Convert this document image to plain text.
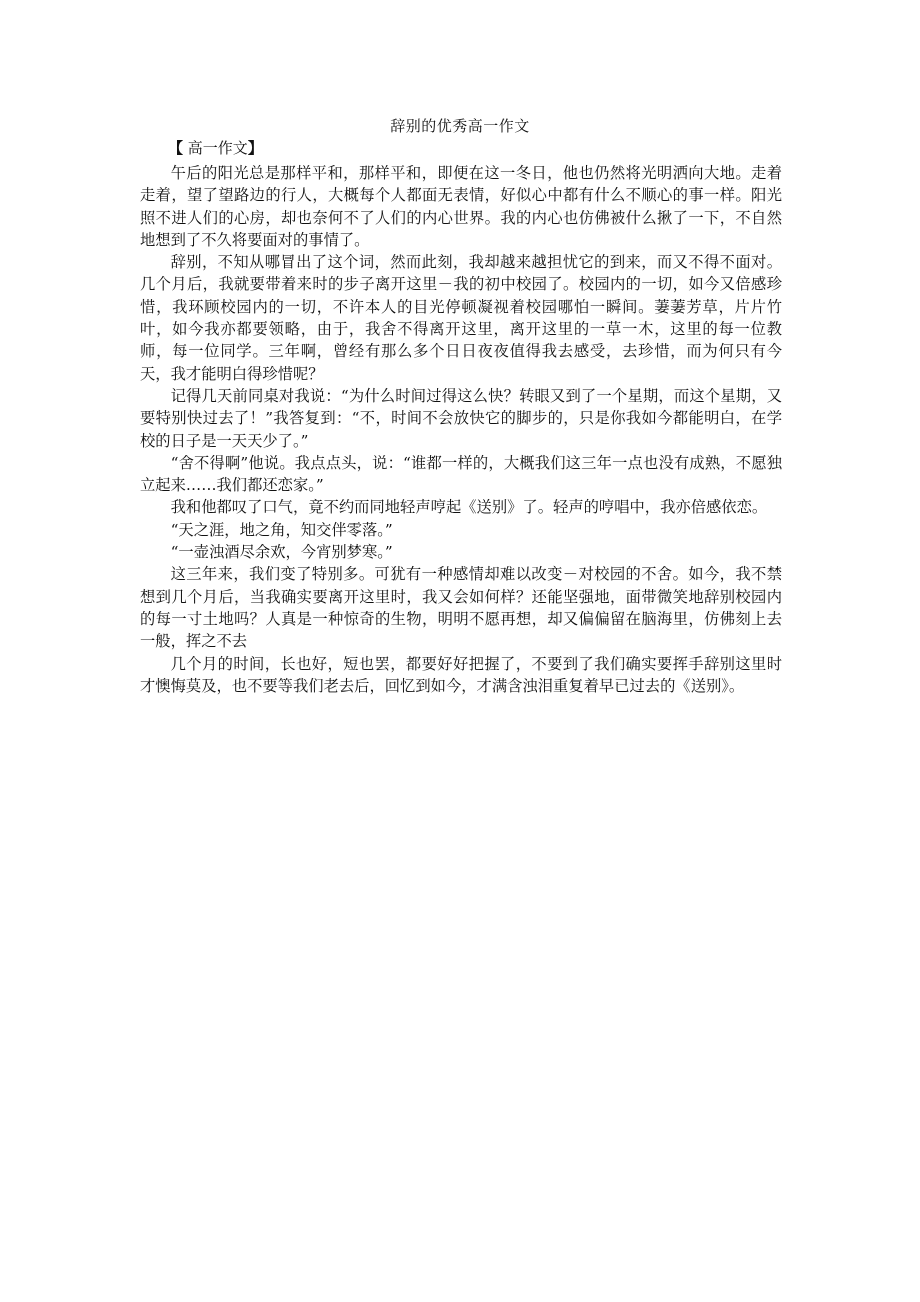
辞别的优秀高一作文
【 高一作文】

午后的阳光总是那样平和，那样平和，即便在这一冬日，他也仍然将光明洒向大地。走着走着，望了望路边的行人，大概每个人都面无表情，好似心中都有什么不顺心的事一样。阳光照不进人们的心房，却也奈何不了人们的内心世界。我的内心也仿佛被什么揪了一下，不自然地想到了不久将要面对的事情了。

辞别，不知从哪冒出了这个词，然而此刻，我却越来越担忧它的到来，而又不得不面对。几个月后，我就要带着来时的步子离开这里－我的初中校园了。校园内的一切，如今又倍感珍惜，我环顾校园内的一切，不许本人的目光停顿凝视着校园哪怕一瞬间。萋萋芳草，片片竹叶，如今我亦都要领略，由于，我舍不得离开这里，离开这里的一草一木，这里的每一位教师，每一位同学。三年啊，曾经有那么多个日日夜夜值得我去感受，去珍惜，而为何只有今天，我才能明白得珍惜呢？

记得几天前同桌对我说：“为什么时间过得这么快？转眼又到了一个星期，而这个星期，又要特别快过去了！”我答复到：“不，时间不会放快它的脚步的，只是你我如今都能明白，在学校的日子是一天天少了。”

“舍不得啊”他说。我点点头，说：“谁都一样的，大概我们这三年一点也没有成熟，不愿独立起来……我们都还恋家。”

我和他都叹了口气，竟不约而同地轻声哼起《送别》了。轻声的哼唱中，我亦倍感依恋。

“天之涯，地之角，知交伴零落。”

“一壶浊酒尽余欢，今宵别梦寒。”

这三年来，我们变了特别多。可犹有一种感情却难以改变－对校园的不舍。如今，我不禁想到几个月后，当我确实要离开这里时，我又会如何样？还能坚强地，面带微笑地辞别校园内的每一寸土地吗？人真是一种惊奇的生物，明明不愿再想，却又偏偏留在脑海里，仿佛刻上去一般，挥之不去

几个月的时间，长也好，短也罢，都要好好把握了，不要到了我们确实要挥手辞别这里时才懊悔莫及，也不要等我们老去后，回忆到如今，才满含浊泪重复着早已过去的《送别》。
